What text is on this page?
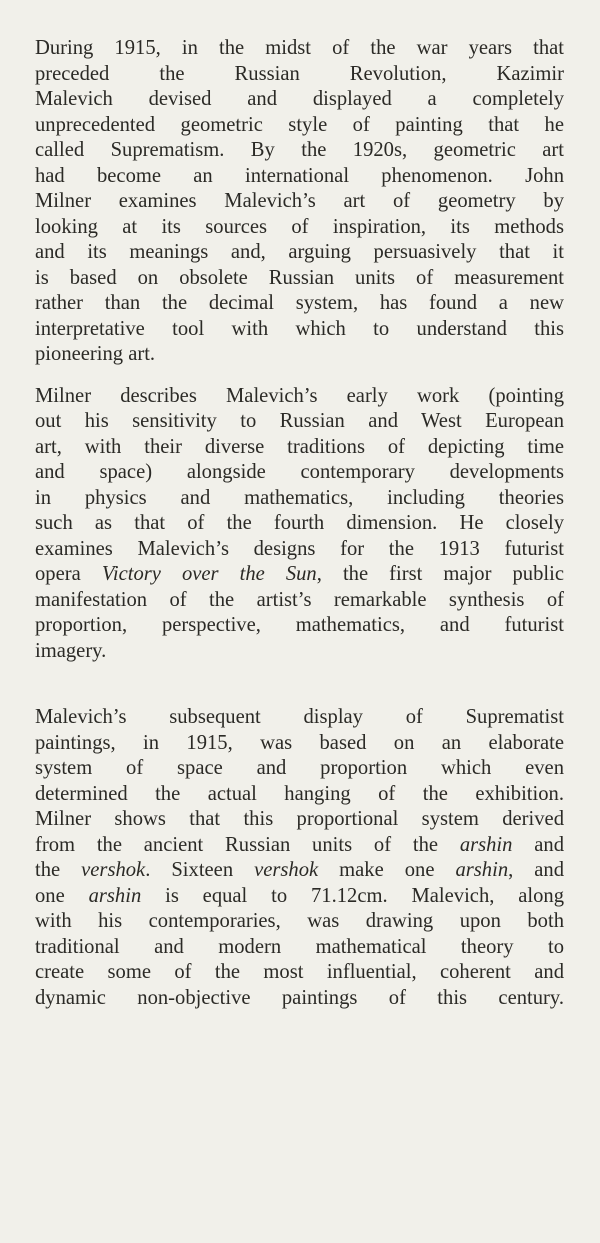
During 1915, in the midst of the war years that
preceded the Russian Revolution, Kazimir
Malevich devised and displayed a completely
unprecedented geometric style of painting that he
called Suprematism. By the 1920s, geometric art
had become an international phenomenon. John
Milner examines Malevich’s art of geometry by
looking at its sources of inspiration, its methods
and its meanings and, arguing persuasively that it
is based on obsolete Russian units of measurement
rather than the decimal system, has found a new
interpretative tool with which to understand this
pioneering art.
Milner describes Malevich’s early work (pointing
out his sensitivity to Russian and West European
art, with their diverse traditions of depicting time
and space) alongside contemporary developments
in physics and mathematics, including theories
such as that of the fourth dimension. He closely
examines Malevich’s designs for the 1913 futurist
opera Victory over the Sun, the first major public
manifestation of the artist’s remarkable synthesis of
proportion, perspective, mathematics, and futurist
imagery.
Malevich’s subsequent display of Suprematist
paintings, in 1915, was based on an elaborate
system of space and proportion which even
determined the actual hanging of the exhibition.
Milner shows that this proportional system derived
from the ancient Russian units of the arshin and
the vershok. Sixteen vershok make one arshin, and
one arshin is equal to 71.12cm. Malevich, along
with his contemporaries, was drawing upon both
traditional and modern mathematical theory to
create some of the most influential, coherent and
dynamic non-objective paintings of this century.
